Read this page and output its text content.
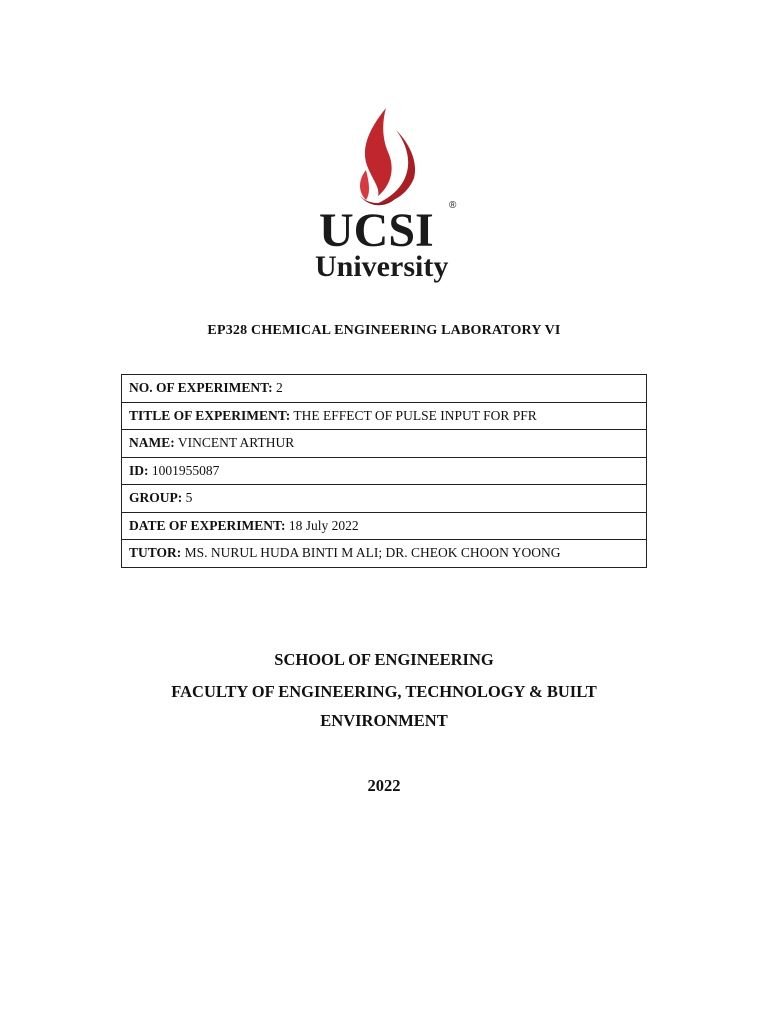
UCSI ®
University
EP328 CHEMICAL ENGINEERING LABORATORY VI
NO. OF EXPERIMENT: 2
TITLE OF EXPERIMENT: THE EFFECT OF PULSE INPUT FOR PFR
NAME: VINCENT ARTHUR
ID: 1001955087
GROUP: 5
DATE OF EXPERIMENT: 18 July 2022
TUTOR: MS. NURUL HUDA BINTI M ALI; DR. CHEOK CHOON YOONG
SCHOOL OF ENGINEERING
FACULTY OF ENGINEERING, TECHNOLOGY & BUILT
ENVIRONMENT
2022
